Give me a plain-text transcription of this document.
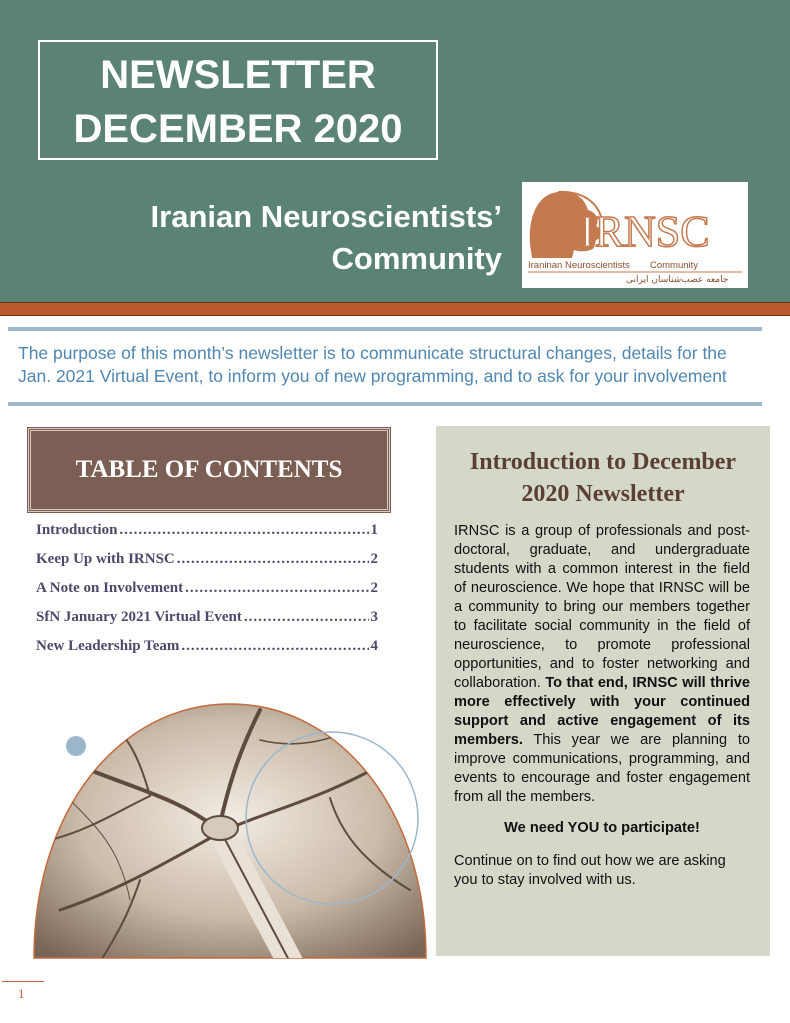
NEWSLETTER
DECEMBER 2020
Iranian Neuroscientists’
Community
IRNSC
Iraninan Neuroscientists Community
جامعه عصب‌شناسان ایرانی
The purpose of this month’s newsletter is to communicate structural changes, details for the Jan. 2021 Virtual Event, to inform you of new programming, and to ask for your involvement
TABLE OF CONTENTS
Introduction .....	1
Keep Up with IRNSC .....	2
A Note on Involvement .....	2
SfN January 2021 Virtual Event .....	3
New Leadership Team .....	4
Introduction to December
2020 Newsletter
IRNSC is a group of professionals and post-doctoral, graduate, and undergraduate students with a common interest in the field of neuroscience. We hope that IRNSC will be a community to bring our members together to facilitate social community in the field of neuroscience, to promote professional opportunities, and to foster networking and collaboration. To that end, IRNSC will thrive more effectively with your continued support and active engagement of its members. This year we are planning to improve communications, programming, and events to encourage and foster engagement from all the members.
We need YOU to participate!
Continue on to find out how we are asking you to stay involved with us.
1
